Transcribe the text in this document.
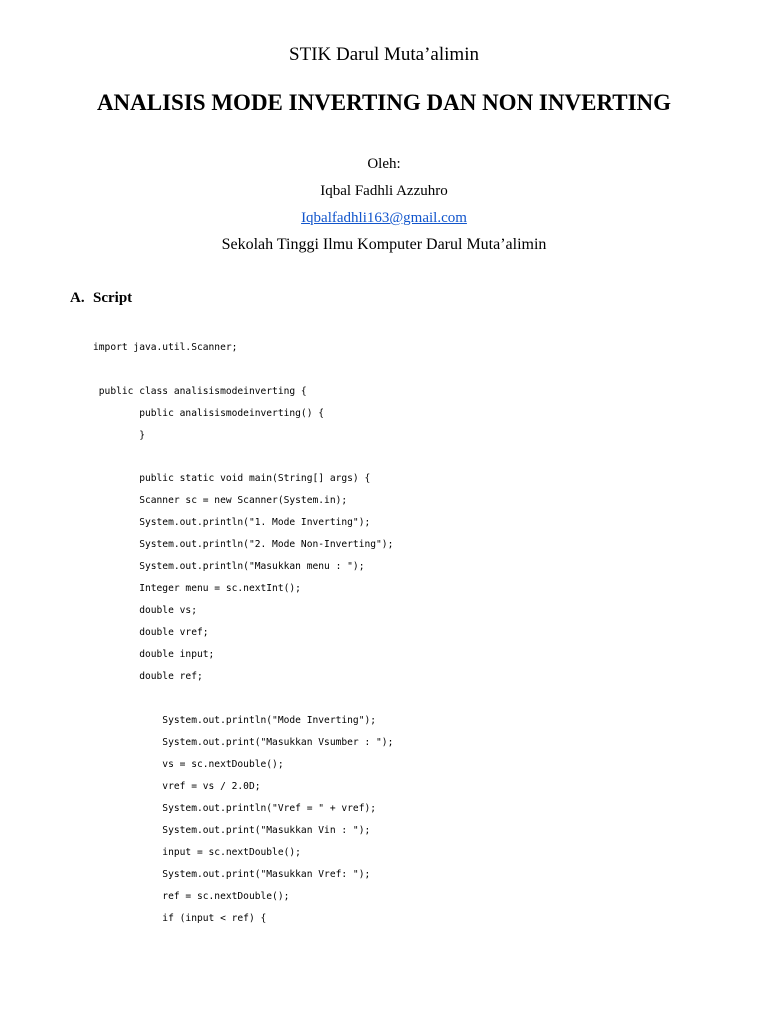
STIK Darul Muta’alimin
ANALISIS MODE INVERTING DAN NON INVERTING
Oleh:
Iqbal Fadhli Azzuhro
Iqbalfadhli163@gmail.com
Sekolah Tinggi Ilmu Komputer Darul Muta’alimin
A. Script
import java.util.Scanner;
public class analisismodeinverting {
public analisismodeinverting() {
}
public static void main(String[] args) {
Scanner sc = new Scanner(System.in);
System.out.println("1. Mode Inverting");
System.out.println("2. Mode Non-Inverting");
System.out.println("Masukkan menu : ");
Integer menu = sc.nextInt();
double vs;
double vref;
double input;
double ref;
System.out.println("Mode Inverting");
System.out.print("Masukkan Vsumber : ");
vs = sc.nextDouble();
vref = vs / 2.0D;
System.out.println("Vref = " + vref);
System.out.print("Masukkan Vin : ");
input = sc.nextDouble();
System.out.print("Masukkan Vref: ");
ref = sc.nextDouble();
if (input < ref) {
